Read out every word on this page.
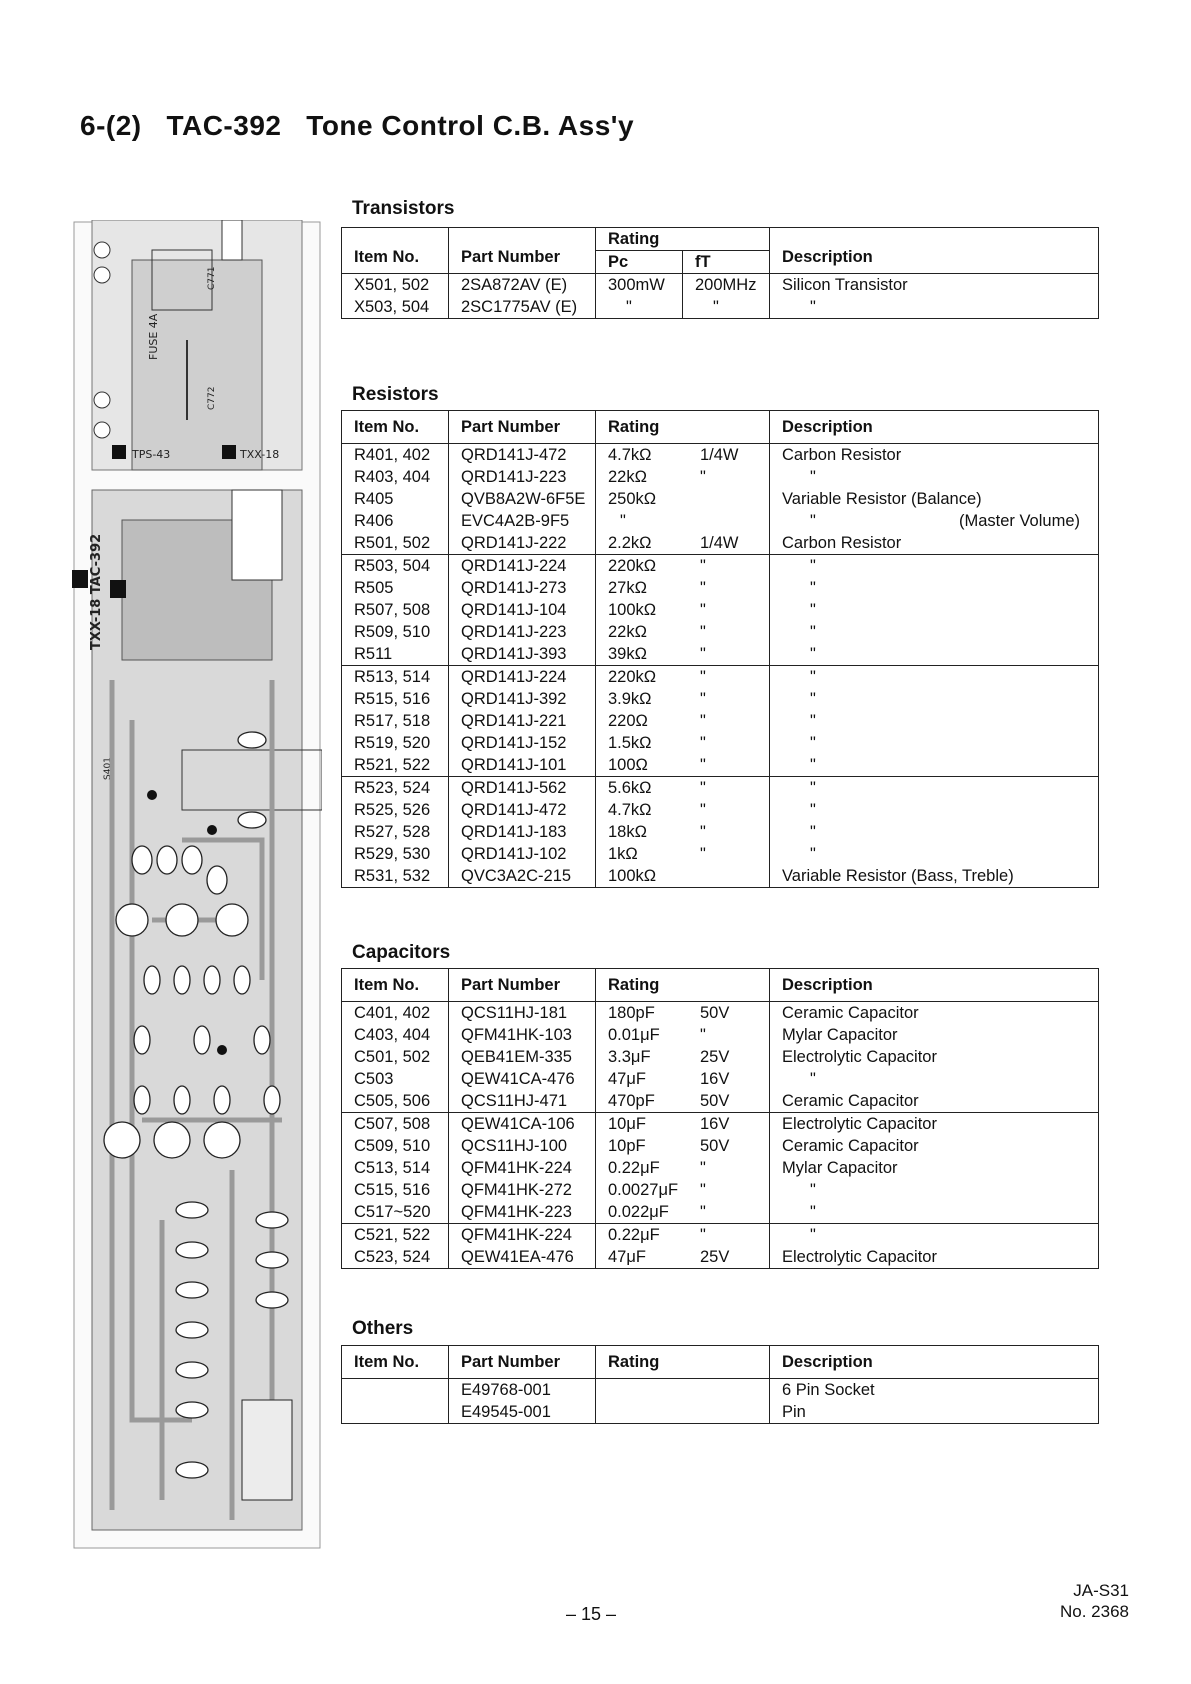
6-(2)   TAC-392   Tone Control C.B. Ass'y
FUSE 4A
TPS-43	TXX-18
C771
C772
TXX-18 TAC-392
S401
Transistors
Item No.	Part Number	Rating		Description
		Pc	fT	
X501, 502	2SA872AV (E)	300mW	200MHz	Silicon Transistor
X503, 504	2SC1775AV (E)	"	"	"
Resistors
Item No.	Part Number	Rating	Description
R401, 402	QRD141J-472	4.7kΩ 1/4W	Carbon Resistor
R403, 404	QRD141J-223	22kΩ "	"
R405	QVB8A2W-6F5E	250kΩ	Variable Resistor (Balance)
R406	EVC4A2B-9F5	"	" (Master Volume)
R501, 502	QRD141J-222	2.2kΩ 1/4W	Carbon Resistor
R503, 504	QRD141J-224	220kΩ "	"
R505	QRD141J-273	27kΩ "	"
R507, 508	QRD141J-104	100kΩ "	"
R509, 510	QRD141J-223	22kΩ "	"
R511	QRD141J-393	39kΩ "	"
R513, 514	QRD141J-224	220kΩ "	"
R515, 516	QRD141J-392	3.9kΩ "	"
R517, 518	QRD141J-221	220Ω "	"
R519, 520	QRD141J-152	1.5kΩ "	"
R521, 522	QRD141J-101	100Ω "	"
R523, 524	QRD141J-562	5.6kΩ "	"
R525, 526	QRD141J-472	4.7kΩ "	"
R527, 528	QRD141J-183	18kΩ "	"
R529, 530	QRD141J-102	1kΩ "	"
R531, 532	QVC3A2C-215	100kΩ	Variable Resistor (Bass, Treble)
Capacitors
Item No.	Part Number	Rating	Description
C401, 402	QCS11HJ-181	180pF 50V	Ceramic Capacitor
C403, 404	QFM41HK-103	0.01μF "	Mylar Capacitor
C501, 502	QEB41EM-335	3.3μF 25V	Electrolytic Capacitor
C503	QEW41CA-476	47μF 16V	"
C505, 506	QCS11HJ-471	470pF 50V	Ceramic Capacitor
C507, 508	QEW41CA-106	10μF 16V	Electrolytic Capacitor
C509, 510	QCS11HJ-100	10pF 50V	Ceramic Capacitor
C513, 514	QFM41HK-224	0.22μF "	Mylar Capacitor
C515, 516	QFM41HK-272	0.0027μF "	"
C517~520	QFM41HK-223	0.022μF "	"
C521, 522	QFM41HK-224	0.22μF "	"
C523, 524	QEW41EA-476	47μF 25V	Electrolytic Capacitor
Others
Item No.	Part Number	Rating	Description
	E49768-001		6 Pin Socket
	E49545-001		Pin
– 15 –
JA-S31
No. 2368
